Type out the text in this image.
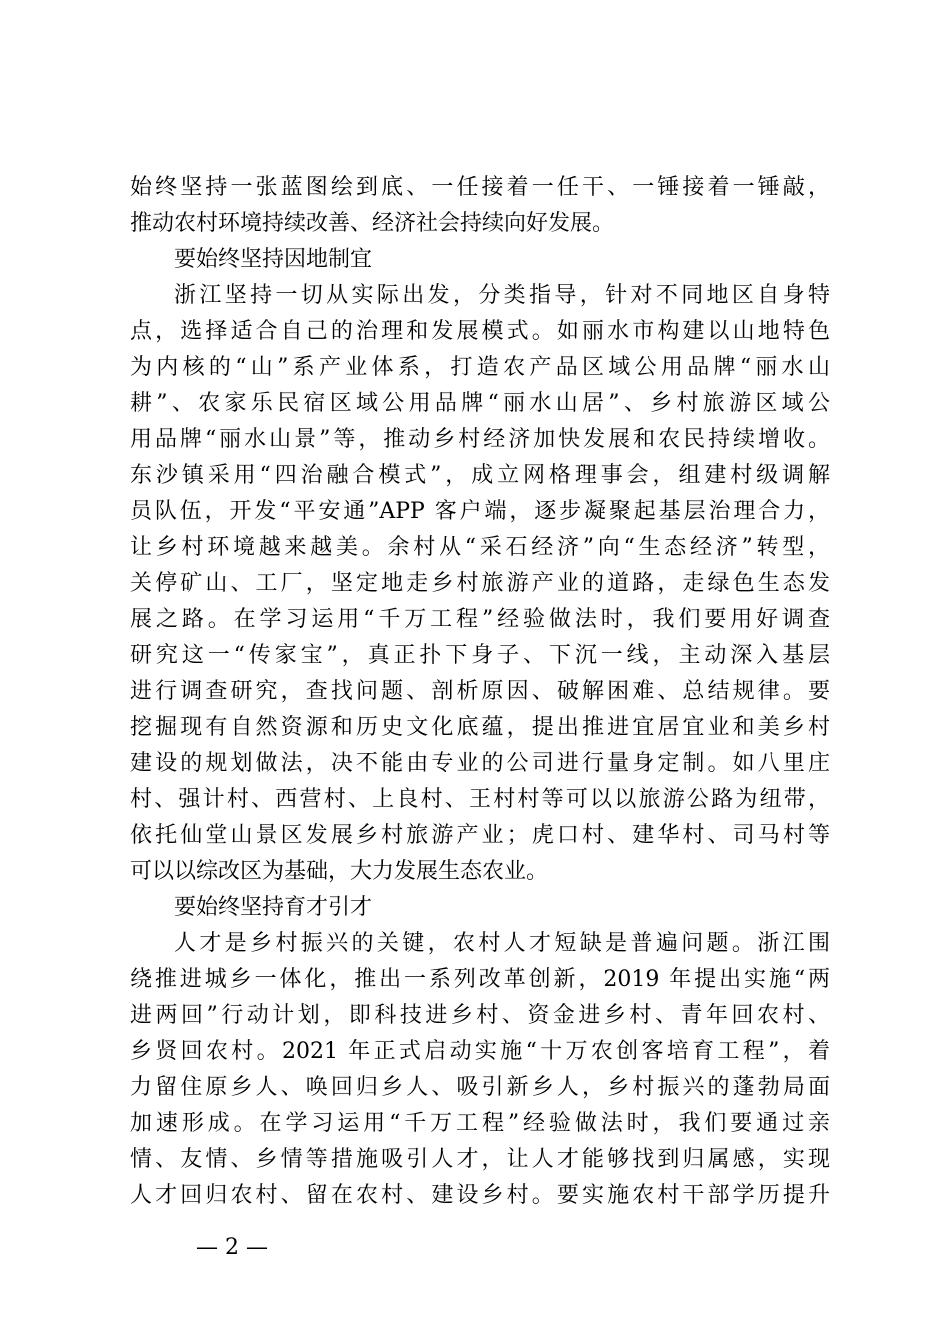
始终坚持一张蓝图绘到底、一任接着一任干、一锤接着一锤敲，
推动农村环境持续改善、经济社会持续向好发展。
要始终坚持因地制宜
浙江坚持一切从实际出发，分类指导，针对不同地区自身特
点，选择适合自己的治理和发展模式。如丽水市构建以山地特色
为内核的“山”系产业体系，打造农产品区域公用品牌“丽水山
耕”、农家乐民宿区域公用品牌“丽水山居”、乡村旅游区域公
用品牌“丽水山景”等，推动乡村经济加快发展和农民持续增收。
东沙镇采用“四治融合模式”，成立网格理事会，组建村级调解
员队伍，开发“平安通”APP 客户端，逐步凝聚起基层治理合力，
让乡村环境越来越美。余村从“采石经济”向“生态经济”转型，
关停矿山、工厂，坚定地走乡村旅游产业的道路，走绿色生态发
展之路。在学习运用“千万工程”经验做法时，我们要用好调查
研究这一“传家宝”，真正扑下身子、下沉一线，主动深入基层
进行调查研究，查找问题、剖析原因、破解困难、总结规律。要
挖掘现有自然资源和历史文化底蕴，提出推进宜居宜业和美乡村
建设的规划做法，决不能由专业的公司进行量身定制。如八里庄
村、强计村、西营村、上良村、王村村等可以以旅游公路为纽带，
依托仙堂山景区发展乡村旅游产业；虎口村、建华村、司马村等
可以以综改区为基础，大力发展生态农业。
要始终坚持育才引才
人才是乡村振兴的关键，农村人才短缺是普遍问题。浙江围
绕推进城乡一体化，推出一系列改革创新，2019 年提出实施“两
进两回”行动计划，即科技进乡村、资金进乡村、青年回农村、
乡贤回农村。2021 年正式启动实施“十万农创客培育工程”，着
力留住原乡人、唤回归乡人、吸引新乡人，乡村振兴的蓬勃局面
加速形成。在学习运用“千万工程”经验做法时，我们要通过亲
情、友情、乡情等措施吸引人才，让人才能够找到归属感，实现
人才回归农村、留在农村、建设乡村。要实施农村干部学历提升
— 2 —
